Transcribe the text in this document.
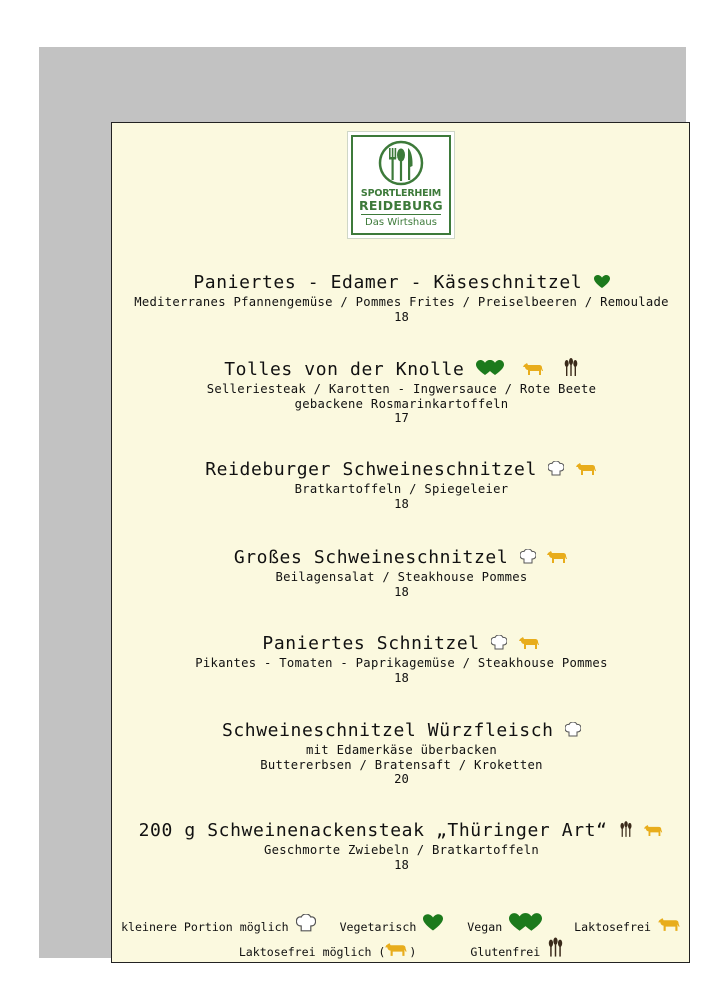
SPORTLERHEIM
REIDEBURG
Das Wirtshaus
Paniertes - Edamer - Käseschnitzel
Mediterranes Pfannengemüse / Pommes Frites / Preiselbeeren / Remoulade
18
Tolles von der Knolle
Selleriesteak / Karotten - Ingwersauce / Rote Beete
gebackene Rosmarinkartoffeln
17
Reideburger Schweineschnitzel
Bratkartoffeln / Spiegeleier
18
Großes Schweineschnitzel
Beilagensalat / Steakhouse Pommes
18
Paniertes Schnitzel
Pikantes - Tomaten - Paprikagemüse / Steakhouse Pommes
18
Schweineschnitzel Würzfleisch
mit Edamerkäse überbacken
Buttererbsen / Bratensaft / Kroketten
20
200 g Schweinenackensteak „Thüringer Art“
Geschmorte Zwiebeln / Bratkartoffeln
18
kleinere Portion möglich	Vegetarisch	Vegan	Laktosefrei
Laktosefrei möglich ( )	Glutenfrei
